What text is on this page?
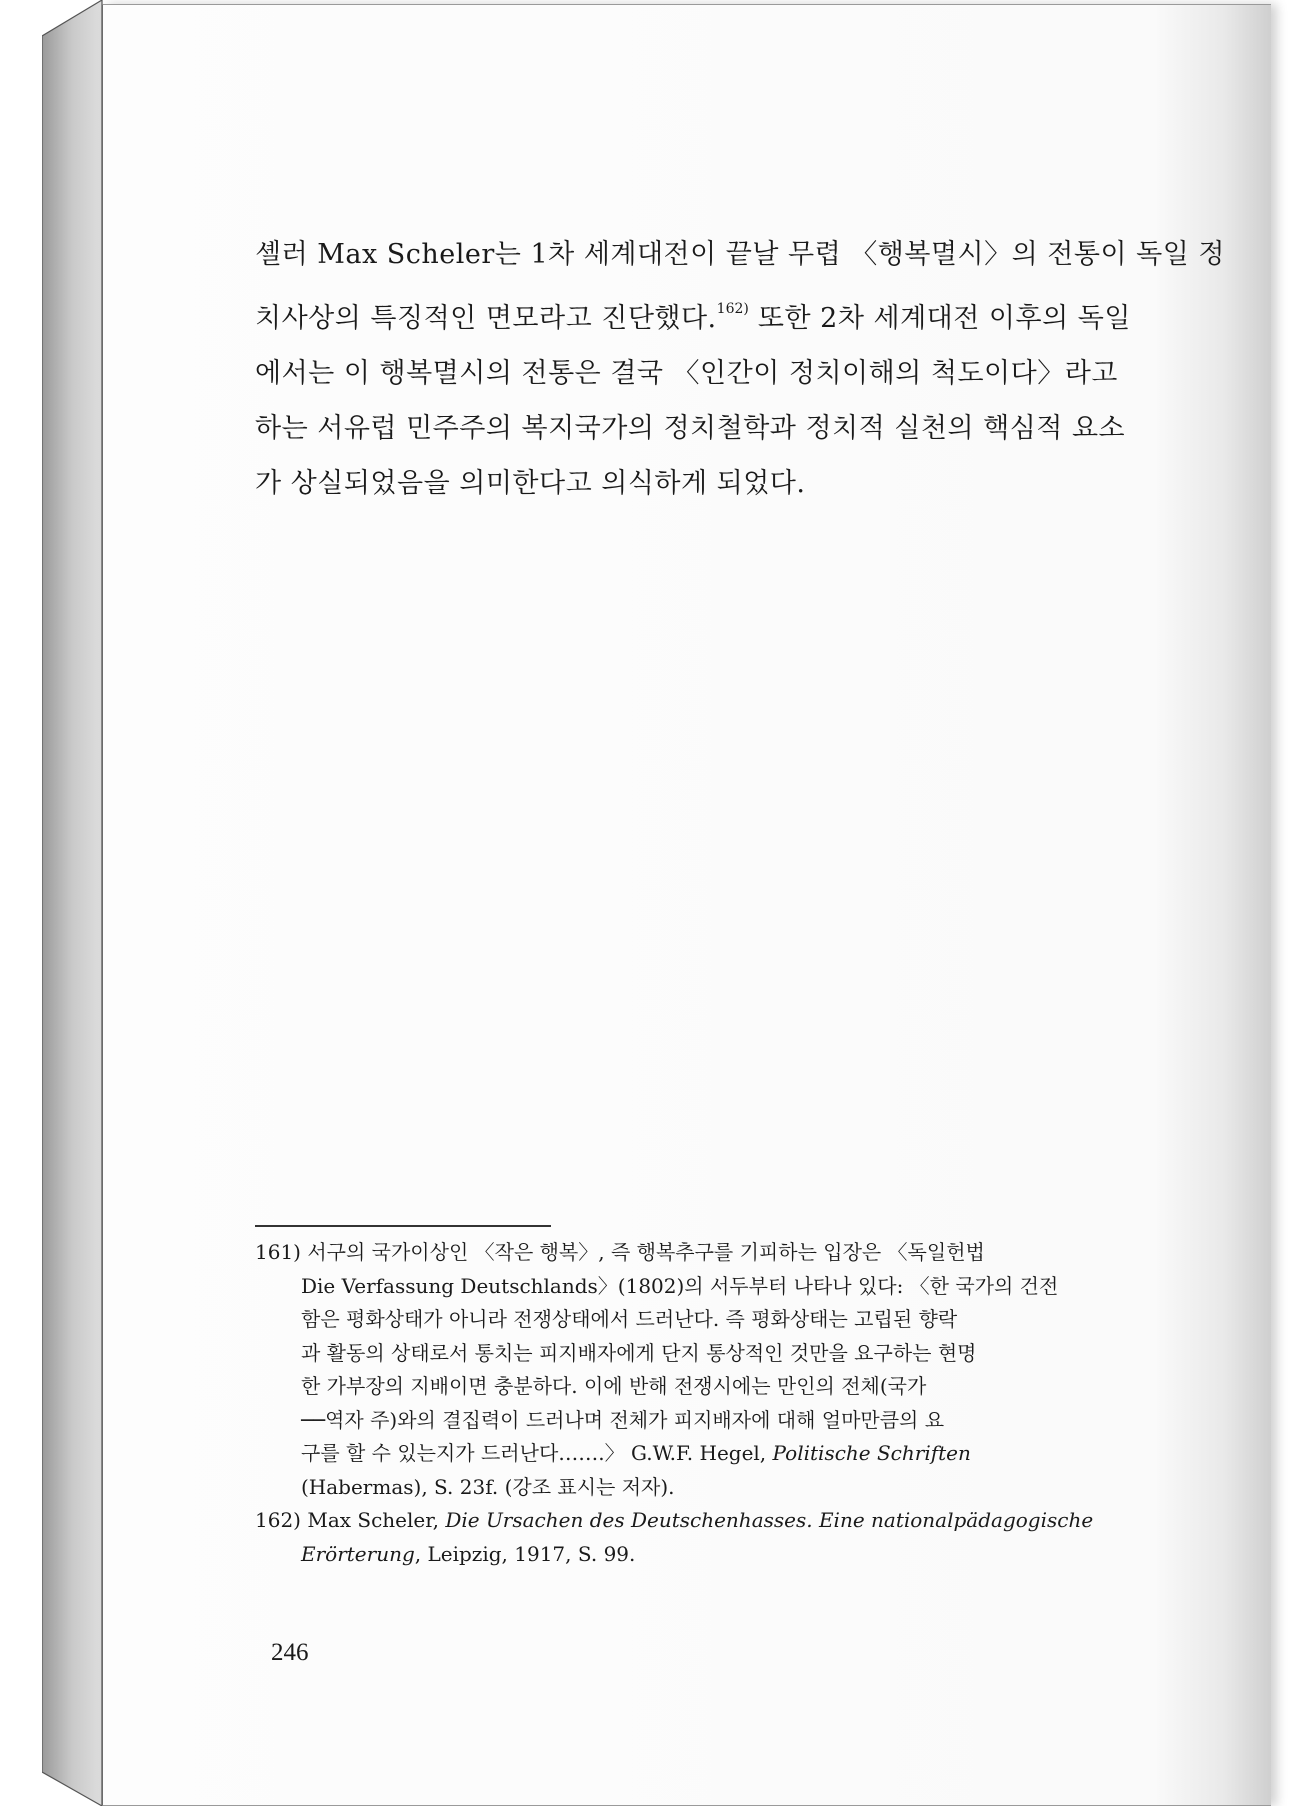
셸러 Max Scheler는 1차 세계대전이 끝날 무렵 〈행복멸시〉의 전통이 독일 정
치사상의 특징적인 면모라고 진단했다.$^{162)}$ 또한 2차 세계대전 이후의 독일
에서는 이 행복멸시의 전통은 결국 〈인간이 정치이해의 척도이다〉라고
하는 서유럽 민주주의 복지국가의 정치철학과 정치적 실천의 핵심적 요소
가 상실되었음을 의미한다고 의식하게 되었다.
161) 서구의 국가이상인 〈작은 행복〉, 즉 행복추구를 기피하는 입장은 〈독일헌법
Die Verfassung Deutschlands〉(1802)의 서두부터 나타나 있다: 〈한 국가의 건전
함은 평화상태가 아니라 전쟁상태에서 드러난다. 즉 평화상태는 고립된 향락
과 활동의 상태로서 통치는 피지배자에게 단지 통상적인 것만을 요구하는 현명
한 가부장의 지배이면 충분하다. 이에 반해 전쟁시에는 만인의 전체(국가
──역자 주)와의 결집력이 드러나며 전체가 피지배자에 대해 얼마만큼의 요
구를 할 수 있는지가 드러난다…….〉 G.W.F. Hegel, Politische Schriften
(Habermas), S. 23f. (강조 표시는 저자).
162) Max Scheler, Die Ursachen des Deutschenhasses. Eine nationalpädagogische
Erörterung, Leipzig, 1917, S. 99.
246
